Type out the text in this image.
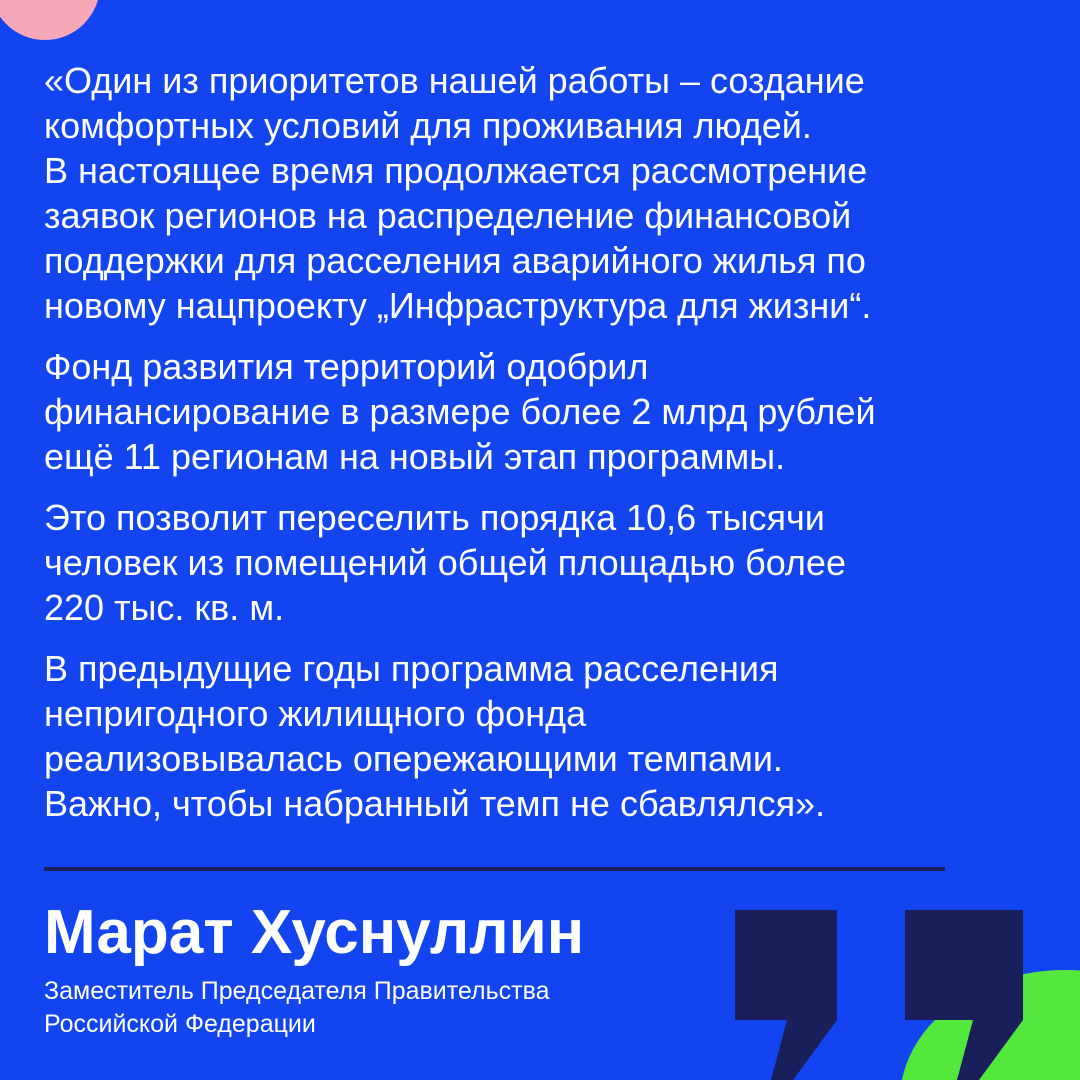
«Один из приоритетов нашей работы – создание
комфортных условий для проживания людей.
В настоящее время продолжается рассмотрение
заявок регионов на распределение финансовой
поддержки для расселения аварийного жилья по
новому нацпроекту „Инфраструктура для жизни“.

Фонд развития территорий одобрил
финансирование в размере более 2 млрд рублей
ещё 11 регионам на новый этап программы.

Это позволит переселить порядка 10,6 тысячи
человек из помещений общей площадью более
220 тыс. кв. м.

В предыдущие годы программа расселения
непригодного жилищного фонда
реализовывалась опережающими темпами.
Важно, чтобы набранный темп не сбавлялся».

Марат Хуснуллин
Заместитель Председателя Правительства
Российской Федерации
